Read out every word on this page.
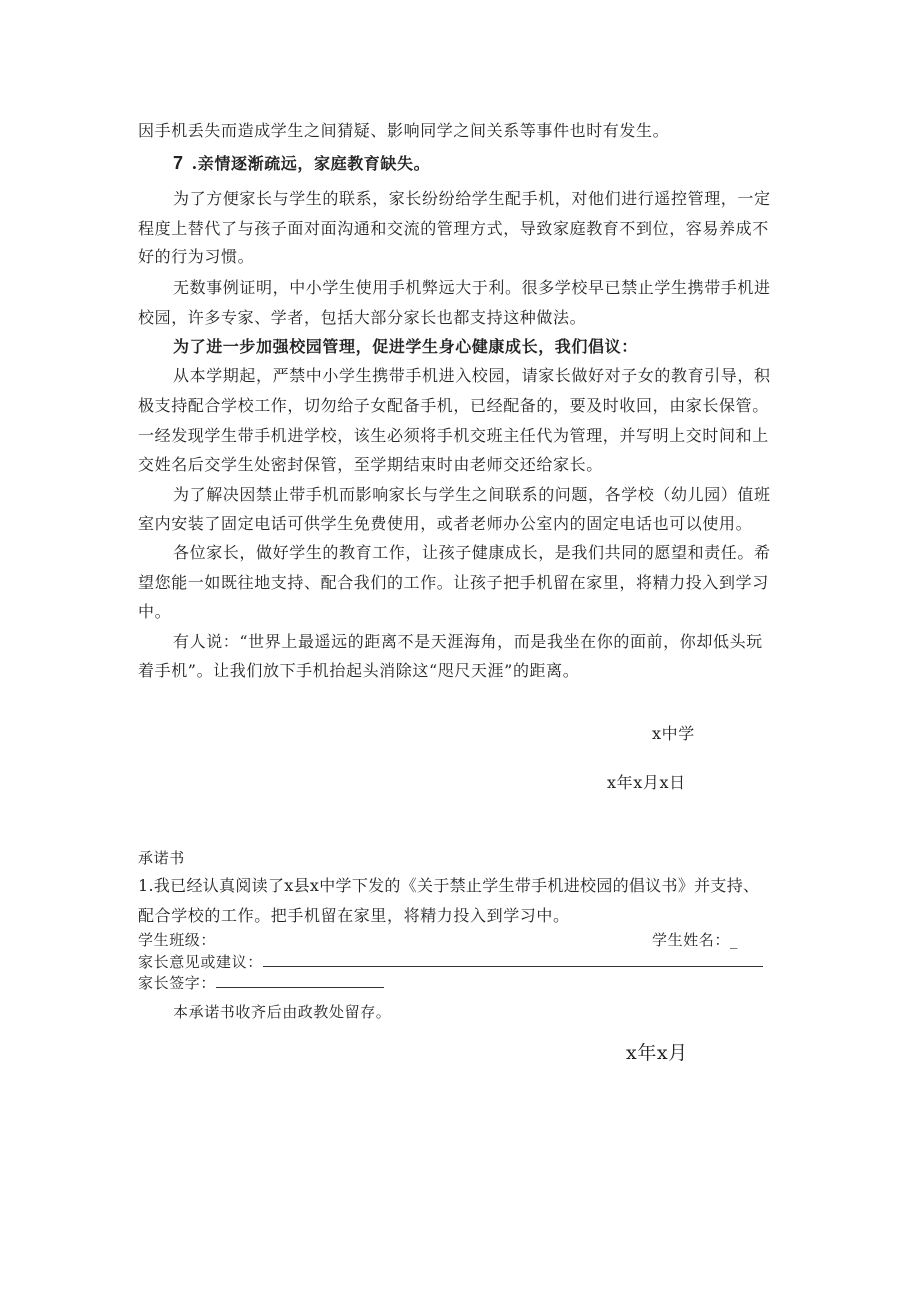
因手机丢失而造成学生之间猜疑、影响同学之间关系等事件也时有发生。
7 .亲情逐渐疏远，家庭教育缺失。
为了方便家长与学生的联系，家长纷纷给学生配手机，对他们进行遥控管理，一定
程度上替代了与孩子面对面沟通和交流的管理方式，导致家庭教育不到位，容易养成不
好的行为习惯。
无数事例证明，中小学生使用手机弊远大于利。很多学校早已禁止学生携带手机进
校园，许多专家、学者，包括大部分家长也都支持这种做法。
为了进一步加强校园管理，促进学生身心健康成长，我们倡议：
从本学期起，严禁中小学生携带手机进入校园，请家长做好对子女的教育引导，积
极支持配合学校工作，切勿给子女配备手机，已经配备的，要及时收回，由家长保管。
一经发现学生带手机进学校，该生必须将手机交班主任代为管理，并写明上交时间和上
交姓名后交学生处密封保管，至学期结束时由老师交还给家长。
为了解决因禁止带手机而影响家长与学生之间联系的问题，各学校（幼儿园）值班
室内安装了固定电话可供学生免费使用，或者老师办公室内的固定电话也可以使用。
各位家长，做好学生的教育工作，让孩子健康成长，是我们共同的愿望和责任。希
望您能一如既往地支持、配合我们的工作。让孩子把手机留在家里，将精力投入到学习
中。
有人说：“世界上最遥远的距离不是天涯海角，而是我坐在你的面前，你却低头玩
着手机”。让我们放下手机抬起头消除这“咫尺天涯”的距离。
x中学
x年x月x日
承诺书
1.我已经认真阅读了x县x中学下发的《关于禁止学生带手机进校园的倡议书》并支持、
配合学校的工作。把手机留在家里，将精力投入到学习中。
学生班级：	学生姓名：_
家长意见或建议：
家长签字：
本承诺书收齐后由政教处留存。
x年x月
